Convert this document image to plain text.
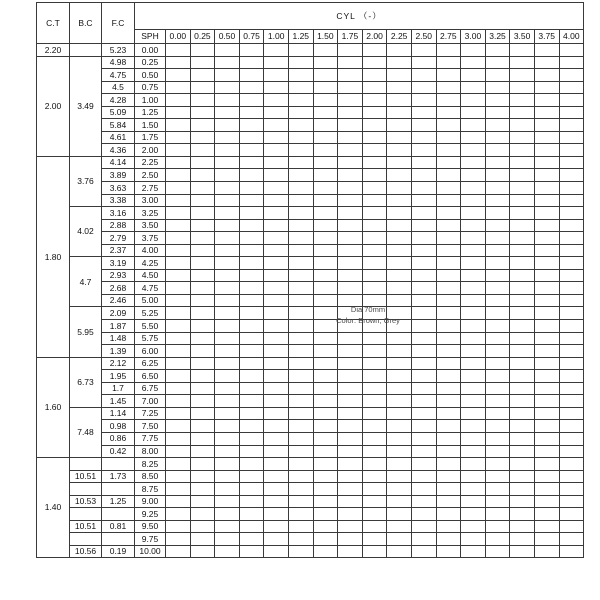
C.T	B.C	F.C	CYL （-）																	
			SPH	0.00	0.25	0.50	0.75	1.00	1.25	1.50	1.75	2.00	2.25	2.50	2.75	3.00	3.25	3.50	3.75	4.00
2.20		5.23	0.00																	
2.00	3.49	4.98	0.25																	
		4.75	0.50																	
		4.5	0.75																	
		4.28	1.00																	
		5.09	1.25																	
		5.84	1.50																	
		4.61	1.75																	
		4.36	2.00																	
1.80	3.76	4.14	2.25																	
		3.89	2.50																	
		3.63	2.75																	
		3.38	3.00																	
	4.02	3.16	3.25																	
		2.88	3.50																	
		2.79	3.75																	
		2.37	4.00																	
	4.7	3.19	4.25																	
		2.93	4.50																	
		2.68	4.75																	
		2.46	5.00																	
	5.95	2.09	5.25																	
		1.87	5.50																	
		1.48	5.75																	
		1.39	6.00																	
1.60	6.73	2.12	6.25																	
		1.95	6.50																	
		1.7	6.75																	
		1.45	7.00																	
	7.48	1.14	7.25																	
		0.98	7.50																	
		0.86	7.75																	
		0.42	8.00																	
1.40			8.25																	
	10.51	1.73	8.50																	
			8.75																	
	10.53	1.25	9.00																	
			9.25																	
	10.51	0.81	9.50																	
			9.75																	
	10.56	0.19	10.00																	
Dia 70mm
Color: Brown, Grey
